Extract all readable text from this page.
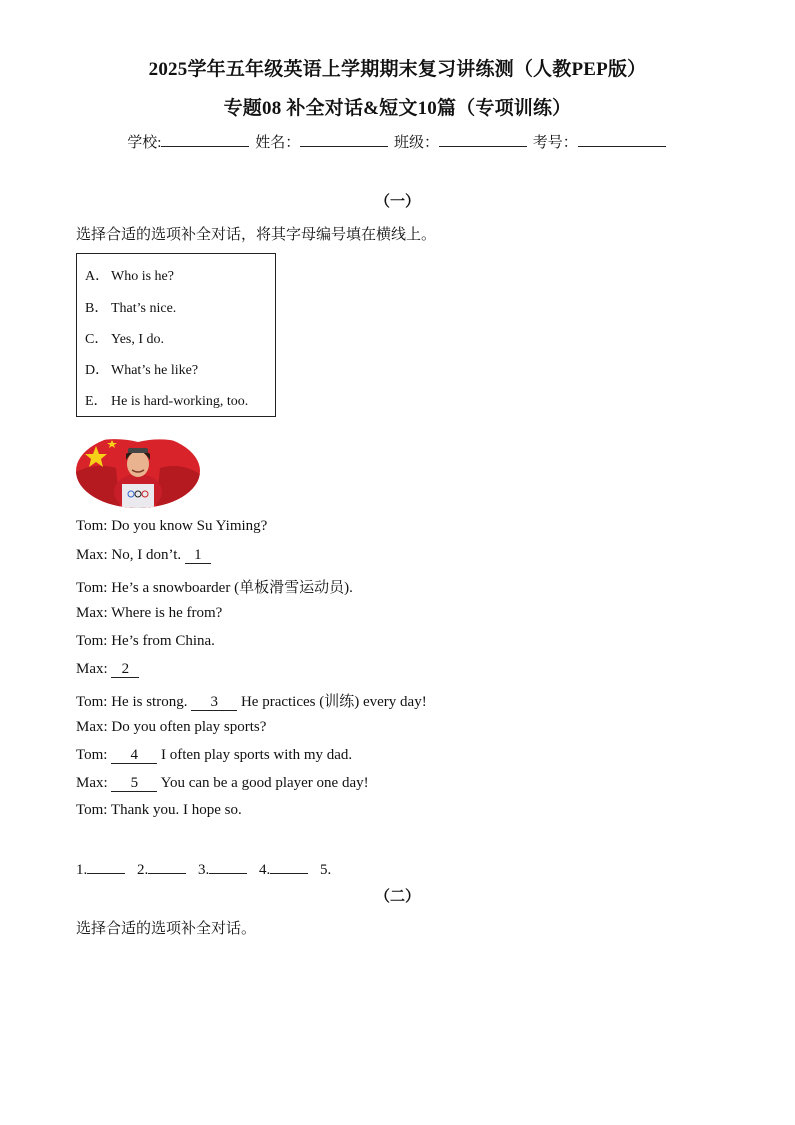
2025学年五年级英语上学期期末复习讲练测（人教PEP版）
专题08 补全对话&短文10篇（专项训练）
学校:	姓名：	班级：	考号：
（一）
选择合适的选项补全对话，将其字母编号填在横线上。
A． Who is he?
B． That’s nice.
C． Yes, I do.
D． What’s he like?
E． He is hard-working, too.
Tom: Do you know Su Yiming?
Max: No, I don’t. 1
Tom: He’s a snowboarder (单板滑雪运动员).
Max: Where is he from?
Tom: He’s from China.
Max: 2
Tom: He is strong. 3 He practices (训练) every day!
Max: Do you often play sports?
Tom: 4 I often play sports with my dad.
Max: 5 You can be a good player one day!
Tom: Thank you. I hope so.
1.	2.	3.	4.	5.
（二）
选择合适的选项补全对话。
